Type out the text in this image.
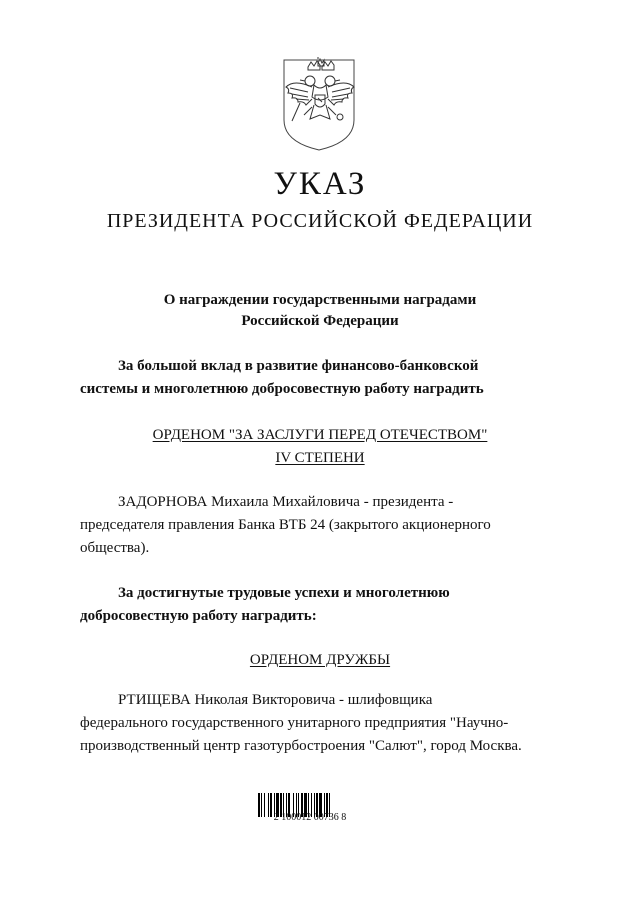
УКАЗ
ПРЕЗИДЕНТА РОССИЙСКОЙ ФЕДЕРАЦИИ
О награждении государственными наградами
Российской Федерации
За большой вклад в развитие финансово-банковской
системы и многолетнюю добросовестную работу наградить
ОРДЕНОМ "ЗА ЗАСЛУГИ ПЕРЕД ОТЕЧЕСТВОМ"
IV СТЕПЕНИ
ЗАДОРНОВА Михаила Михайловича - президента -
председателя правления Банка ВТБ 24 (закрытого акционерного
общества).
За достигнутые трудовые успехи и многолетнюю
добросовестную работу наградить:
ОРДЕНОМ ДРУЖБЫ
РТИЩЕВА Николая Викторовича - шлифовщика
федерального государственного унитарного предприятия "Научно-
производственный центр газотурбостроения "Салют", город Москва.
2 100012 00736 8
